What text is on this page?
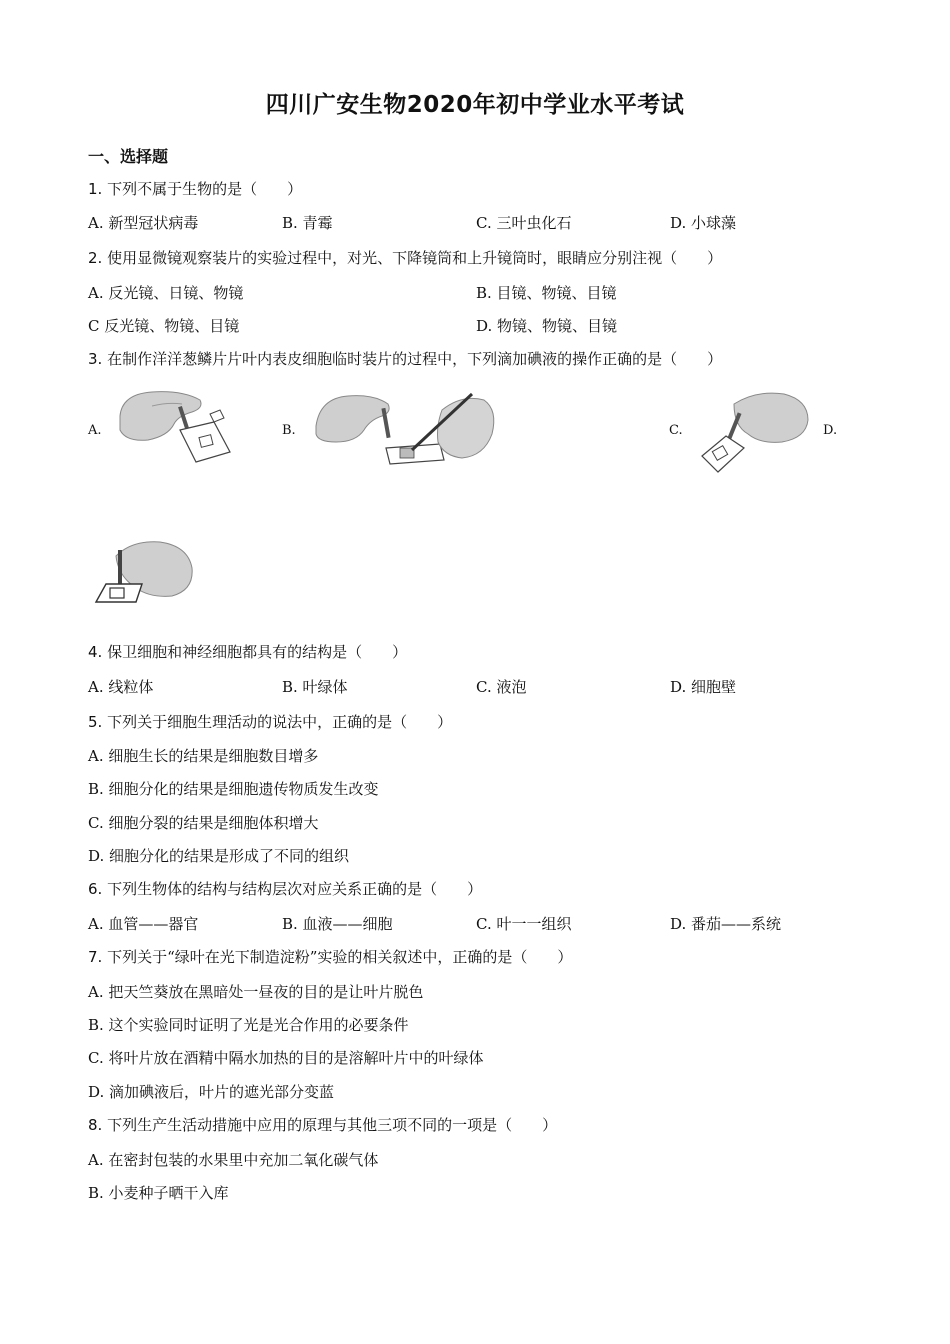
四川广安生物2020年初中学业水平考试
一、选择题
1. 下列不属于生物的是（　　）
A. 新型冠状病毒	B. 青霉	C. 三叶虫化石	D. 小球藻
2. 使用显微镜观察装片的实验过程中，对光、下降镜筒和上升镜筒时，眼睛应分别注视（　　）
A. 反光镜、日镜、物镜	B. 目镜、物镜、目镜
C 反光镜、物镜、目镜	D. 物镜、物镜、目镜
3. 在制作洋洋葱鳞片片叶内表皮细胞临时装片的过程中，下列滴加碘液的操作正确的是（　　）
A.	B.	C.	D.
4. 保卫细胞和神经细胞都具有的结构是（　　）
A. 线粒体	B. 叶绿体	C. 液泡	D. 细胞壁
5. 下列关于细胞生理活动的说法中，正确的是（　　）
A. 细胞生长的结果是细胞数目增多
B. 细胞分化的结果是细胞遗传物质发生改变
C. 细胞分裂的结果是细胞体积增大
D. 细胞分化的结果是形成了不同的组织
6. 下列生物体的结构与结构层次对应关系正确的是（　　）
A. 血管——器官	B. 血液——细胞	C. 叶一一组织	D. 番茄——系统
7. 下列关于“绿叶在光下制造淀粉”实验的相关叙述中，正确的是（　　）
A. 把天竺葵放在黑暗处一昼夜的目的是让叶片脱色
B. 这个实验同时证明了光是光合作用的必要条件
C. 将叶片放在酒精中隔水加热的目的是溶解叶片中的叶绿体
D. 滴加碘液后，叶片的遮光部分变蓝
8. 下列生产生活动措施中应用的原理与其他三项不同的一项是（　　）
A. 在密封包装的水果里中充加二氧化碳气体
B. 小麦种子晒干入库
